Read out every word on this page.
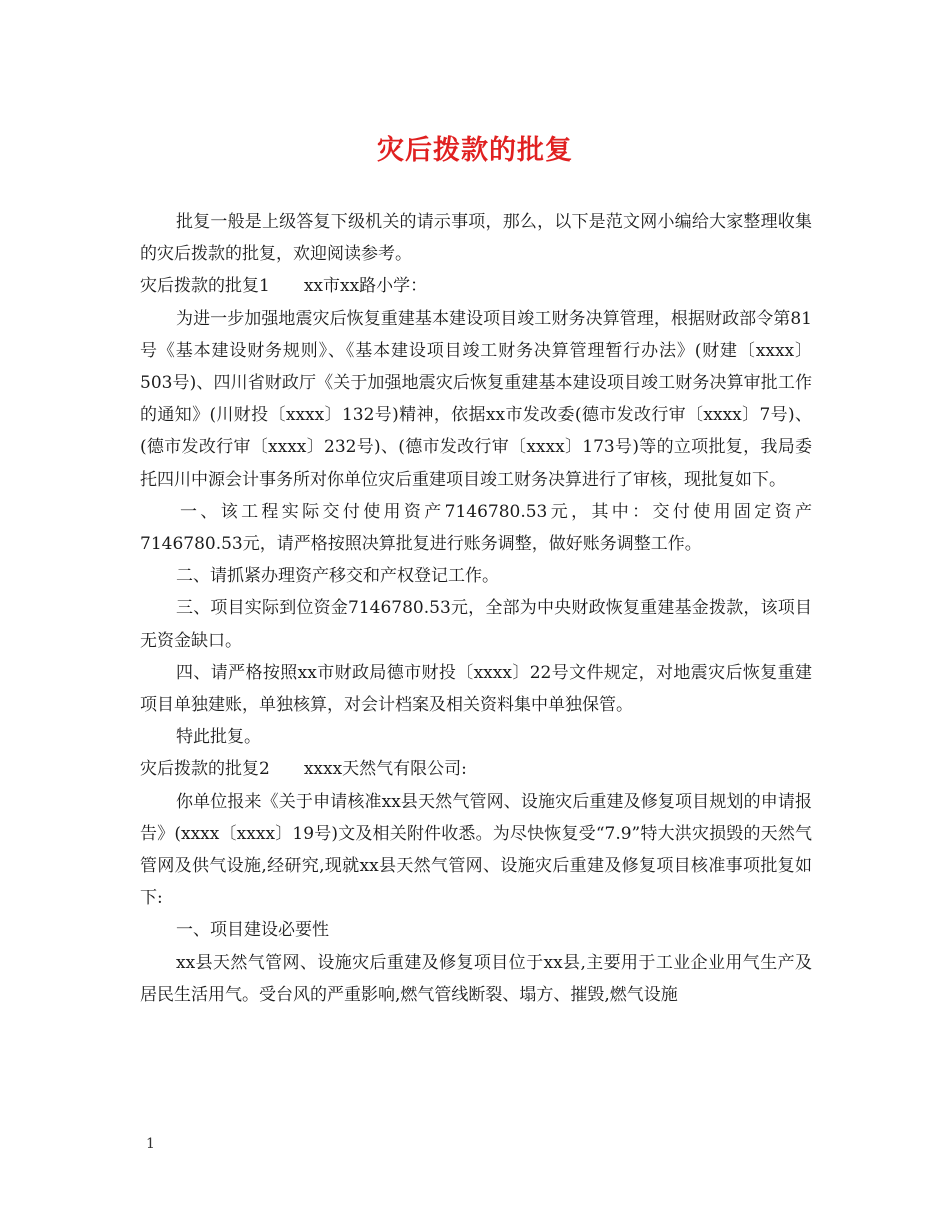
灾后拨款的批复

批复一般是上级答复下级机关的请示事项，那么，以下是范文网小编给大家整理收集的灾后拨款的批复，欢迎阅读参考。

灾后拨款的批复1 xx市xx路小学：

为进一步加强地震灾后恢复重建基本建设项目竣工财务决算管理，根据财政部令第81号《基本建设财务规则》、《基本建设项目竣工财务决算管理暂行办法》(财建〔xxxx〕503号)、四川省财政厅《关于加强地震灾后恢复重建基本建设项目竣工财务决算审批工作的通知》(川财投〔xxxx〕132号)精神，依据xx市发改委(德市发改行审〔xxxx〕7号)、(德市发改行审〔xxxx〕232号)、(德市发改行审〔xxxx〕173号)等的立项批复，我局委托四川中源会计事务所对你单位灾后重建项目竣工财务决算进行了审核，现批复如下。

一、该工程实际交付使用资产7146780.53元，其中：交付使用固定资产7146780.53元，请严格按照决算批复进行账务调整，做好账务调整工作。

二、请抓紧办理资产移交和产权登记工作。

三、项目实际到位资金7146780.53元，全部为中央财政恢复重建基金拨款，该项目无资金缺口。

四、请严格按照xx市财政局德市财投〔xxxx〕22号文件规定，对地震灾后恢复重建项目单独建账，单独核算，对会计档案及相关资料集中单独保管。

特此批复。

灾后拨款的批复2 xxxx天然气有限公司:

你单位报来《关于申请核准xx县天然气管网、设施灾后重建及修复项目规划的申请报告》(xxxx〔xxxx〕19号)文及相关附件收悉。为尽快恢复受“7.9”特大洪灾损毁的天然气管网及供气设施,经研究,现就xx县天然气管网、设施灾后重建及修复项目核准事项批复如下:

一、项目建设必要性

xx县天然气管网、设施灾后重建及修复项目位于xx县,主要用于工业企业用气生产及居民生活用气。受台风的严重影响,燃气管线断裂、塌方、摧毁,燃气设施

1
